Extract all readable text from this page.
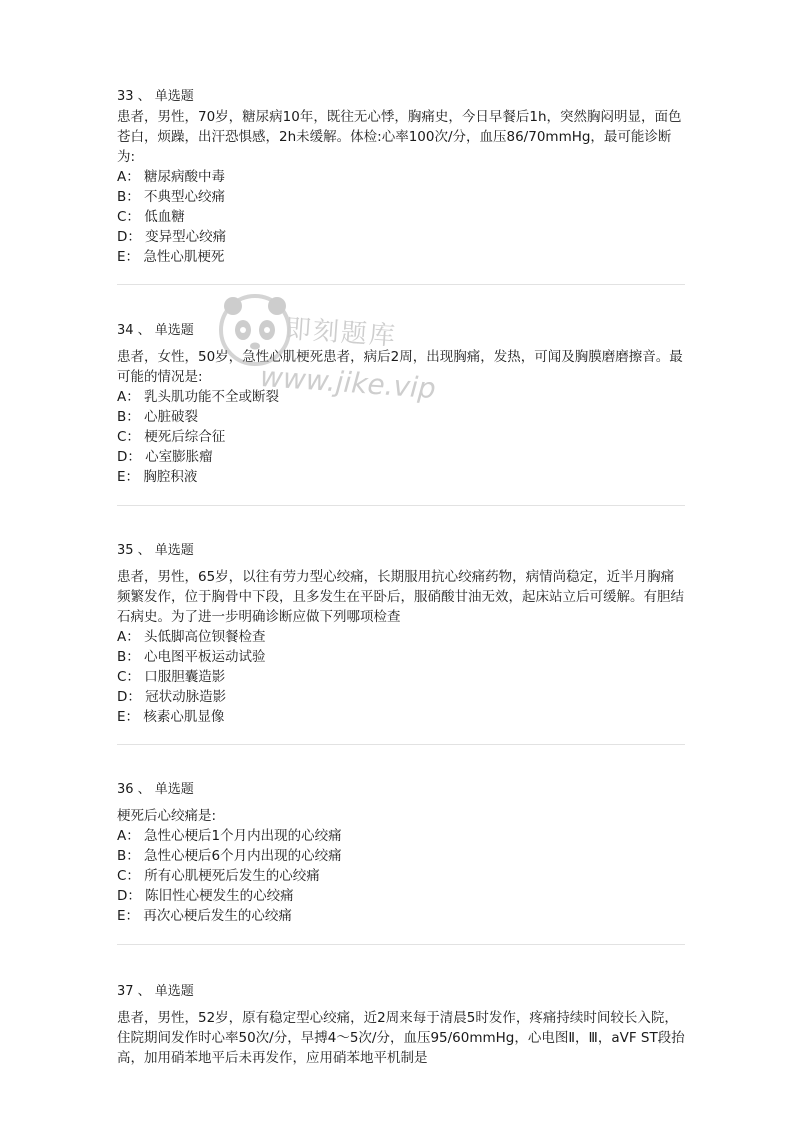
33 、 单选题
患者，男性，70岁，糖尿病10年，既往无心悸，胸痛史，今日早餐后1h，突然胸闷明显，面色苍白，烦躁，出汗恐惧感，2h未缓解。体检:心率100次/分，血压86/70mmHg，最可能诊断为:
A： 糖尿病酸中毒
B： 不典型心绞痛
C： 低血糖
D： 变异型心绞痛
E： 急性心肌梗死
34 、 单选题
患者，女性，50岁，急性心肌梗死患者，病后2周，出现胸痛，发热，可闻及胸膜磨磨擦音。最可能的情况是:
A： 乳头肌功能不全或断裂
B： 心脏破裂
C： 梗死后综合征
D： 心室膨胀瘤
E： 胸腔积液
35 、 单选题
患者，男性，65岁，以往有劳力型心绞痛，长期服用抗心绞痛药物，病情尚稳定，近半月胸痛频繁发作，位于胸骨中下段，且多发生在平卧后，服硝酸甘油无效，起床站立后可缓解。有胆结石病史。为了进一步明确诊断应做下列哪项检查
A： 头低脚高位钡餐检查
B： 心电图平板运动试验
C： 口服胆囊造影
D： 冠状动脉造影
E： 核素心肌显像
36 、 单选题
梗死后心绞痛是:
A： 急性心梗后1个月内出现的心绞痛
B： 急性心梗后6个月内出现的心绞痛
C： 所有心肌梗死后发生的心绞痛
D： 陈旧性心梗发生的心绞痛
E： 再次心梗后发生的心绞痛
37 、 单选题
患者，男性，52岁，原有稳定型心绞痛，近2周来每于清晨5时发作，疼痛持续时间较长入院，住院期间发作时心率50次/分，早搏4～5次/分，血压95/60mmHg，心电图Ⅱ，Ⅲ，aVF ST段抬高，加用硝苯地平后未再发作，应用硝苯地平机制是
即刻题库
www.jike.vip
